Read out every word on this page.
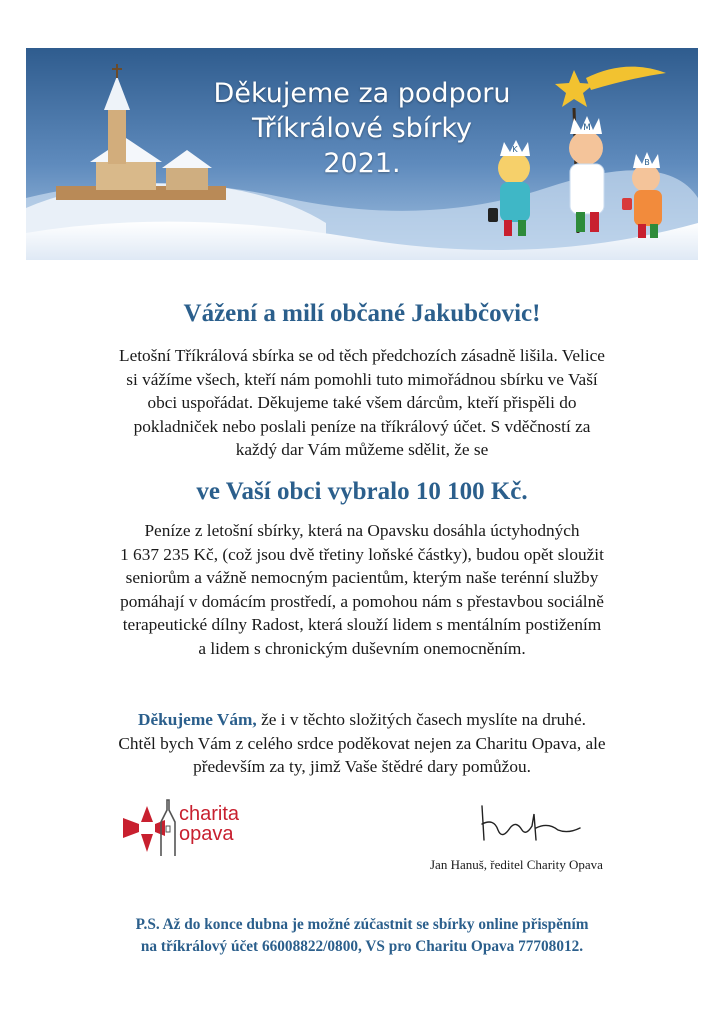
K
M
B
Děkujeme za podporu
Tříkrálové sbírky
2021.
Vážení a milí občané Jakubčovic!
Letošní Tříkrálová sbírka se od těch předchozích zásadně lišila. Velice
si vážíme všech, kteří nám pomohli tuto mimořádnou sbírku ve Vaší
obci uspořádat. Děkujeme také všem dárcům, kteří přispěli do
pokladniček nebo poslali peníze na tříkrálový účet. S vděčností za
každý dar Vám můžeme sdělit, že se
ve Vaší obci vybralo 10 100 Kč.
Peníze z letošní sbírky, která na Opavsku dosáhla úctyhodných
1 637 235 Kč, (což jsou dvě třetiny loňské částky), budou opět sloužit
seniorům a vážně nemocným pacientům, kterým naše terénní služby
pomáhají v domácím prostředí, a pomohou nám s přestavbou sociálně
terapeutické dílny Radost, která slouží lidem s mentálním postižením
a lidem s chronickým duševním onemocněním.
Děkujeme Vám, že i v těchto složitých časech myslíte na druhé.
Chtěl bych Vám z celého srdce poděkovat nejen za Charitu Opava, ale
především za ty, jimž Vaše štědré dary pomůžou.
charita
opava
Jan Hanuš, ředitel Charity Opava
P.S. Až do konce dubna je možné zúčastnit se sbírky online přispěním
na tříkrálový účet 66008822/0800, VS pro Charitu Opava 77708012.
